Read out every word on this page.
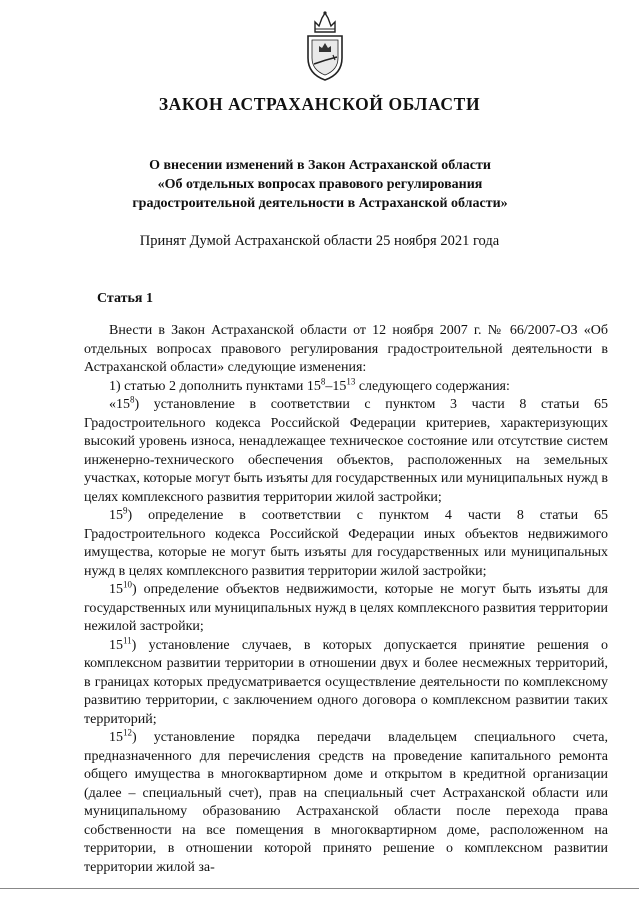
ЗАКОН АСТРАХАНСКОЙ ОБЛАСТИ
О внесении изменений в Закон Астраханской области
«Об отдельных вопросах правового регулирования
градостроительной деятельности в Астраханской области»
Принят Думой Астраханской области 25 ноября 2021 года
Статья 1

Внести в Закон Астраханской области от 12 ноября 2007 г. № 66/2007-ОЗ «Об отдельных вопросах правового регулирования градостроительной деятельности в Астраханской области» следующие изменения:

1) статью 2 дополнить пунктами $15^8-15^{13}$ следующего содержания:

«$15^8$) установление в соответствии с пунктом 3 части 8 статьи 65 Градостроительного кодекса Российской Федерации критериев, характеризующих высокий уровень износа, ненадлежащее техническое состояние или отсутствие систем инженерно-технического обеспечения объектов, расположенных на земельных участках, которые могут быть изъяты для государственных или муниципальных нужд в целях комплексного развития территории жилой застройки;

$15^9$) определение в соответствии с пунктом 4 части 8 статьи 65 Градостроительного кодекса Российской Федерации иных объектов недвижимого имущества, которые не могут быть изъяты для государственных или муниципальных нужд в целях комплексного развития территории жилой застройки;

$15^{10}$) определение объектов недвижимости, которые не могут быть изъяты для государственных или муниципальных нужд в целях комплексного развития территории нежилой застройки;

$15^{11}$) установление случаев, в которых допускается принятие решения о комплексном развитии территории в отношении двух и более несмежных территорий, в границах которых предусматривается осуществление деятельности по комплексному развитию территории, с заключением одного договора о комплексном развитии таких территорий;

$15^{12}$) установление порядка передачи владельцем специального счета, предназначенного для перечисления средств на проведение капитального ремонта общего имущества в многоквартирном доме и открытом в кредитной организации (далее – специальный счет), прав на специальный счет Астраханской области или муниципальному образованию Астраханской области после перехода права собственности на все помещения в многоквартирном доме, расположенном на территории, в отношении которой принято решение о комплексном развитии территории жилой за-
